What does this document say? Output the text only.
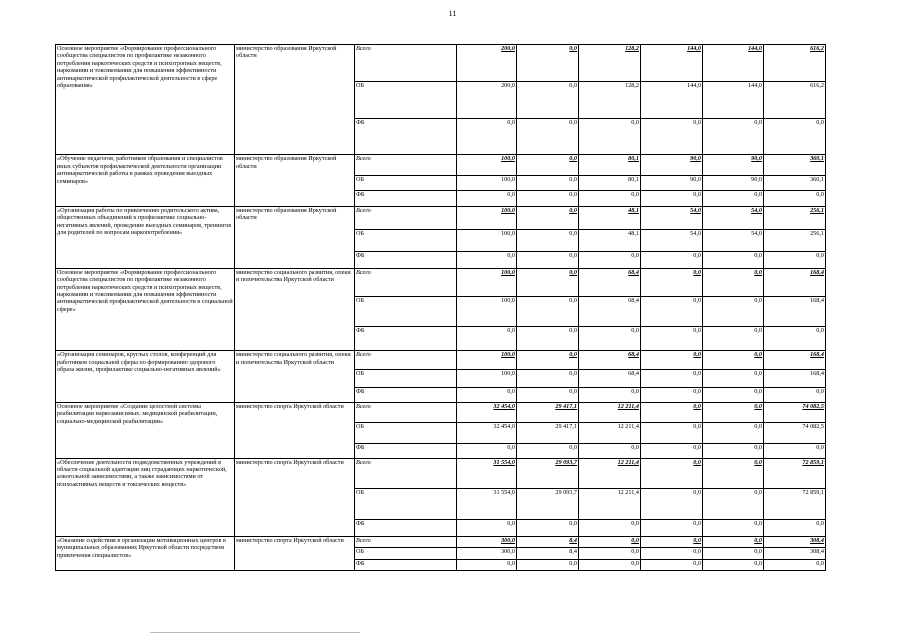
11
Основное мероприятие «Формирование профессионального сообщества специалистов по профилактике незаконного потребления наркотических средств и психотропных веществ, наркомании и токсикомании для повышения эффективности антинаркотической профилактической деятельности в сфере образования»	министерство образования Иркутской области	Всего	200,0	0,0	128,2	144,0	144,0	616,2
		ОБ	200,0	0,0	128,2	144,0	144,0	616,2
		ФБ	0,0	0,0	0,0	0,0	0,0	0,0
«Обучение педагогов, работников образования и специалистов иных субъектов профилактической деятельности организации антинаркотической работы в рамках проведения выездных семинаров»	министерство образования Иркутской области	Всего	100,0	0,0	80,1	90,0	90,0	360,1
		ОБ	100,0	0,0	80,1	90,0	90,0	360,1
		ФБ	0,0	0,0	0,0	0,0	0,0	0,0
«Организация работы по привлечению родительского актива, общественных объединений к профилактике социально-негативных явлений, проведение выездных семинаров, тренингов для родителей по вопросам наркопотребления»	министерство образования Иркутской области	Всего	100,0	0,0	48,1	54,0	54,0	256,1
		ОБ	100,0	0,0	48,1	54,0	54,0	256,1
		ФБ	0,0	0,0	0,0	0,0	0,0	0,0
Основное мероприятие «Формирование профессионального сообщества специалистов по профилактике незаконного потребления наркотических средств и психотропных веществ, наркомании и токсикомании для повышения эффективности антинаркотической профилактической деятельности в социальной сфере»	министерство социального развития, опеки и попечительства Иркутской области	Всего	100,0	0,0	68,4	0,0	0,0	168,4
		ОБ	100,0	0,0	68,4	0,0	0,0	168,4
		ФБ	0,0	0,0	0,0	0,0	0,0	0,0
«Организация семинаров, круглых столов, конференций для работников социальной сферы по формированию здорового образа жизни, профилактике социально-негативных явлений»	министерство социального развития, опеки и попечительства Иркутской области	Всего	100,0	0,0	68,4	0,0	0,0	168,4
		ОБ	100,0	0,0	68,4	0,0	0,0	168,4
		ФБ	0,0	0,0	0,0	0,0	0,0	0,0
Основное мероприятие «Создание целостной системы реабилитации наркозависимых: медицинской реабилитации, социально-медицинской реабилитации»	министерство спорта Иркутской области	Всего	32 454,0	29 417,1	12 211,4	0,0	0,0	74 082,5
		ОБ	32 454,0	29 417,1	12 211,4	0,0	0,0	74 082,5
		ФБ	0,0	0,0	0,0	0,0	0,0	0,0
«Обеспечение деятельности подведомственных учреждений в области социальной адаптации лиц страдающих наркотической, алкогольной зависимостями, а также зависимостями от психоактивных веществ и токсических веществ»	министерство спорта Иркутской области	Всего	31 554,0	29 093,7	12 211,4	0,0	0,0	72 859,1
		ОБ	31 554,0	29 093,7	12 211,4	0,0	0,0	72 859,1
		ФБ	0,0	0,0	0,0	0,0	0,0	0,0
«Оказание содействия в организации мотивационных центров в муниципальных образованиях Иркутской области посредством привлечения специалистов»	министерство спорта Иркутской области	Всего	300,0	8,4	0,0	0,0	0,0	308,4
		ОБ	300,0	8,4	0,0	0,0	0,0	308,4
		ФБ	0,0	0,0	0,0	0,0	0,0	0,0
